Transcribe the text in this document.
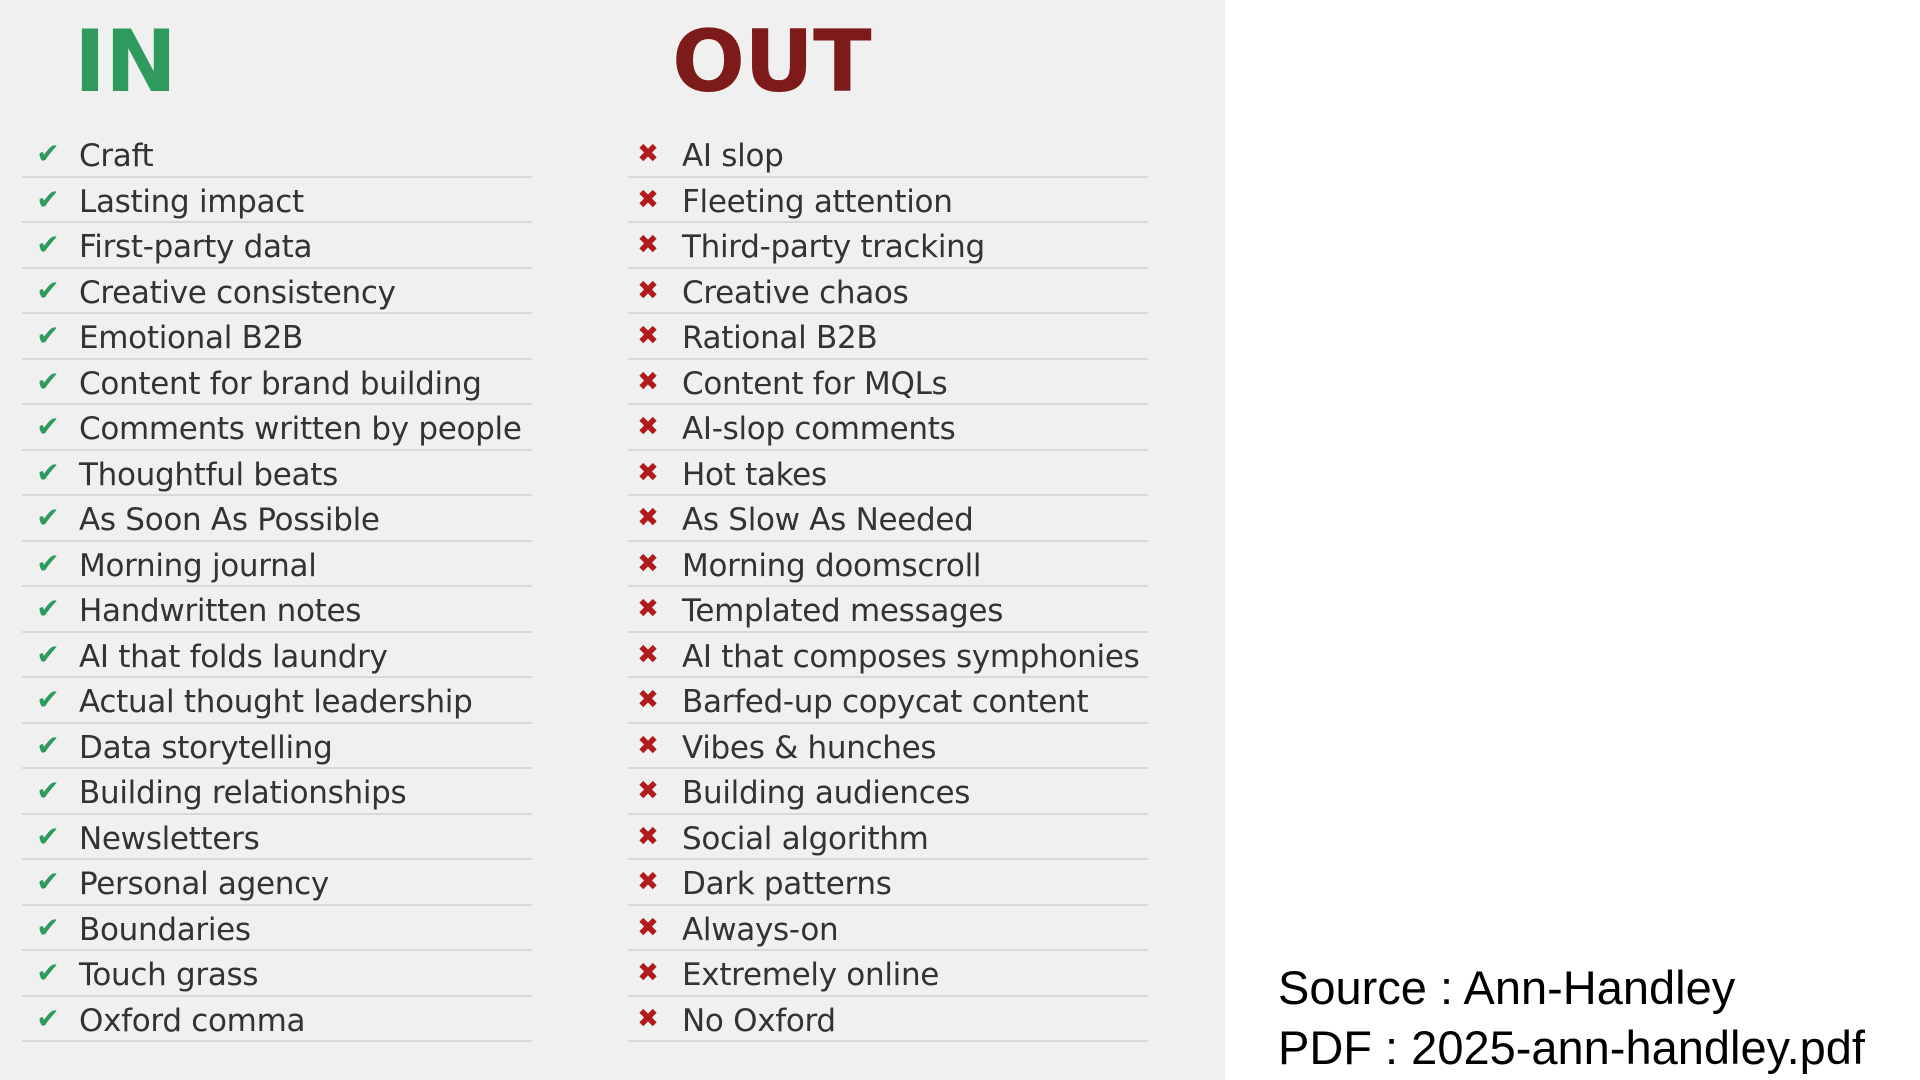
IN	OUT
✔ Craft
✔ Lasting impact
✔ First-party data
✔ Creative consistency
✔ Emotional B2B
✔ Content for brand building
✔ Comments written by people
✔ Thoughtful beats
✔ As Soon As Possible
✔ Morning journal
✔ Handwritten notes
✔ AI that folds laundry
✔ Actual thought leadership
✔ Data storytelling
✔ Building relationships
✔ Newsletters
✔ Personal agency
✔ Boundaries
✔ Touch grass
✔ Oxford comma
✖ AI slop
✖ Fleeting attention
✖ Third-party tracking
✖ Creative chaos
✖ Rational B2B
✖ Content for MQLs
✖ AI-slop comments
✖ Hot takes
✖ As Slow As Needed
✖ Morning doomscroll
✖ Templated messages
✖ AI that composes symphonies
✖ Barfed-up copycat content
✖ Vibes & hunches
✖ Building audiences
✖ Social algorithm
✖ Dark patterns
✖ Always-on
✖ Extremely online
✖ No Oxford
Source : Ann-Handley
PDF : 2025-ann-handley.pdf
